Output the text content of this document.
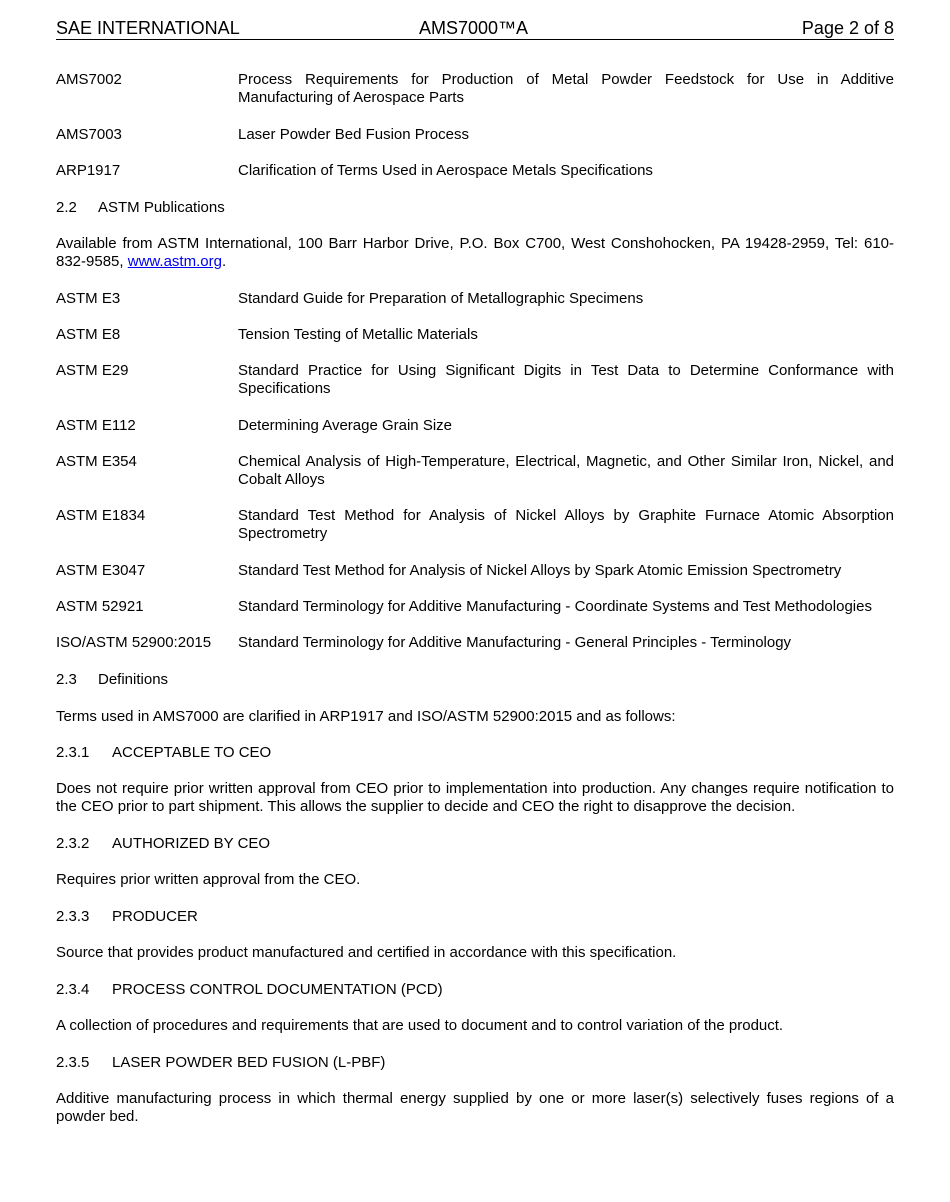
SAE INTERNATIONAL	AMS7000™A	Page 2 of 8
AMS7002	Process Requirements for Production of Metal Powder Feedstock for Use in Additive Manufacturing of Aerospace Parts
AMS7003	Laser Powder Bed Fusion Process
ARP1917	Clarification of Terms Used in Aerospace Metals Specifications
2.2 ASTM Publications
Available from ASTM International, 100 Barr Harbor Drive, P.O. Box C700, West Conshohocken, PA 19428-2959, Tel: 610-832-9585, www.astm.org.
ASTM E3	Standard Guide for Preparation of Metallographic Specimens
ASTM E8	Tension Testing of Metallic Materials
ASTM E29	Standard Practice for Using Significant Digits in Test Data to Determine Conformance with Specifications
ASTM E112	Determining Average Grain Size
ASTM E354	Chemical Analysis of High-Temperature, Electrical, Magnetic, and Other Similar Iron, Nickel, and Cobalt Alloys
ASTM E1834	Standard Test Method for Analysis of Nickel Alloys by Graphite Furnace Atomic Absorption Spectrometry
ASTM E3047	Standard Test Method for Analysis of Nickel Alloys by Spark Atomic Emission Spectrometry
ASTM 52921	Standard Terminology for Additive Manufacturing - Coordinate Systems and Test Methodologies
ISO/ASTM 52900:2015 Standard Terminology for Additive Manufacturing - General Principles - Terminology
2.3 Definitions
Terms used in AMS7000 are clarified in ARP1917 and ISO/ASTM 52900:2015 and as follows:
2.3.1 ACCEPTABLE TO CEO
Does not require prior written approval from CEO prior to implementation into production. Any changes require notification to the CEO prior to part shipment. This allows the supplier to decide and CEO the right to disapprove the decision.
2.3.2 AUTHORIZED BY CEO
Requires prior written approval from the CEO.
2.3.3 PRODUCER
Source that provides product manufactured and certified in accordance with this specification.
2.3.4 PROCESS CONTROL DOCUMENTATION (PCD)
A collection of procedures and requirements that are used to document and to control variation of the product.
2.3.5 LASER POWDER BED FUSION (L-PBF)
Additive manufacturing process in which thermal energy supplied by one or more laser(s) selectively fuses regions of a powder bed.
